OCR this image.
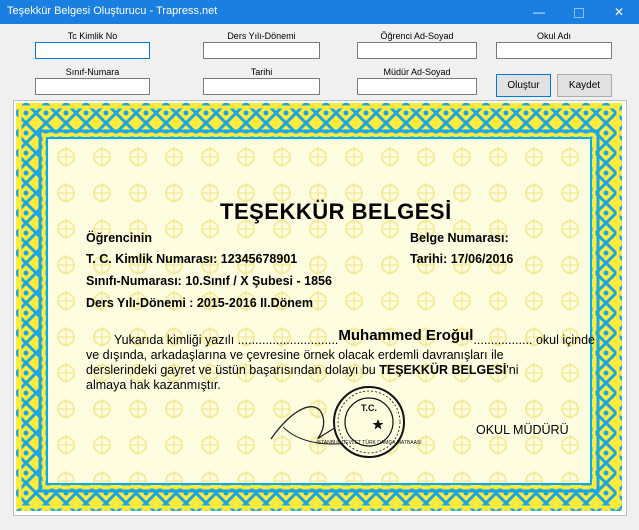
Teşekkür Belgesi Oluşturucu - Trapress.net	—	✕
Tc Kimlik No	Ders Yılı-Dönemi	Öğrenci Ad-Soyad	Okul Adı
Sınıf-Numara	Tarihi	Müdür Ad-Soyad
Oluştur	Kaydet
TEŞEKKÜR BELGESİ
Öğrencinin
T. C. Kimlik Numarası: 12345678901
Sınıfı-Numarası: 10.Sınıf / X Şubesi - 1856
Ders Yılı-Dönemi : 2015-2016 II.Dönem
Belge Numarası:
Tarihi: 17/06/2016
Yukarıda kimliği yazılı .............................Muhammed Eroğul................. okul içinde
ve dışında, arkadaşlarına ve çevresine örnek olacak erdemli davranışları ile
derslerindeki gayret ve üstün başarısından dolayı bu TEŞEKKÜR BELGESİ'ni
almaya hak kazanmıştır.
T.C.
İSTANBUL DEVLET TÜRK DAMGA MATBAASI
OKUL MÜDÜRÜ
